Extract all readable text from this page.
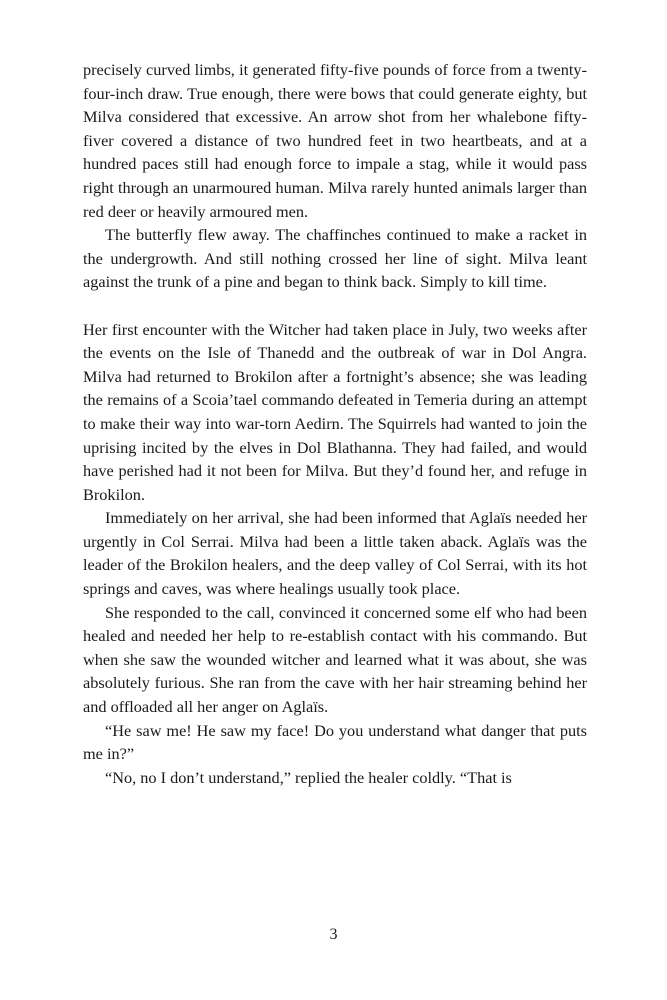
precisely curved limbs, it generated fifty-five pounds of force from a twenty-four-inch draw. True enough, there were bows that could generate eighty, but Milva considered that excessive. An arrow shot from her whalebone fifty-fiver covered a distance of two hundred feet in two heartbeats, and at a hundred paces still had enough force to impale a stag, while it would pass right through an unarmoured human. Milva rarely hunted animals larger than red deer or heavily armoured men.

The butterfly flew away. The chaffinches continued to make a racket in the undergrowth. And still nothing crossed her line of sight. Milva leant against the trunk of a pine and began to think back. Simply to kill time.

Her first encounter with the Witcher had taken place in July, two weeks after the events on the Isle of Thanedd and the outbreak of war in Dol Angra. Milva had returned to Brokilon after a fortnight’s absence; she was leading the remains of a Scoia’tael commando defeated in Temeria during an attempt to make their way into war-torn Aedirn. The Squirrels had wanted to join the uprising incited by the elves in Dol Blathanna. They had failed, and would have perished had it not been for Milva. But they’d found her, and refuge in Brokilon.

Immediately on her arrival, she had been informed that Aglaïs needed her urgently in Col Serrai. Milva had been a little taken aback. Aglaïs was the leader of the Brokilon healers, and the deep valley of Col Serrai, with its hot springs and caves, was where healings usually took place.

She responded to the call, convinced it concerned some elf who had been healed and needed her help to re-establish contact with his commando. But when she saw the wounded witcher and learned what it was about, she was absolutely furious. She ran from the cave with her hair streaming behind her and offloaded all her anger on Aglaïs.

“He saw me! He saw my face! Do you understand what danger that puts me in?”

“No, no I don’t understand,” replied the healer coldly. “That is

3
